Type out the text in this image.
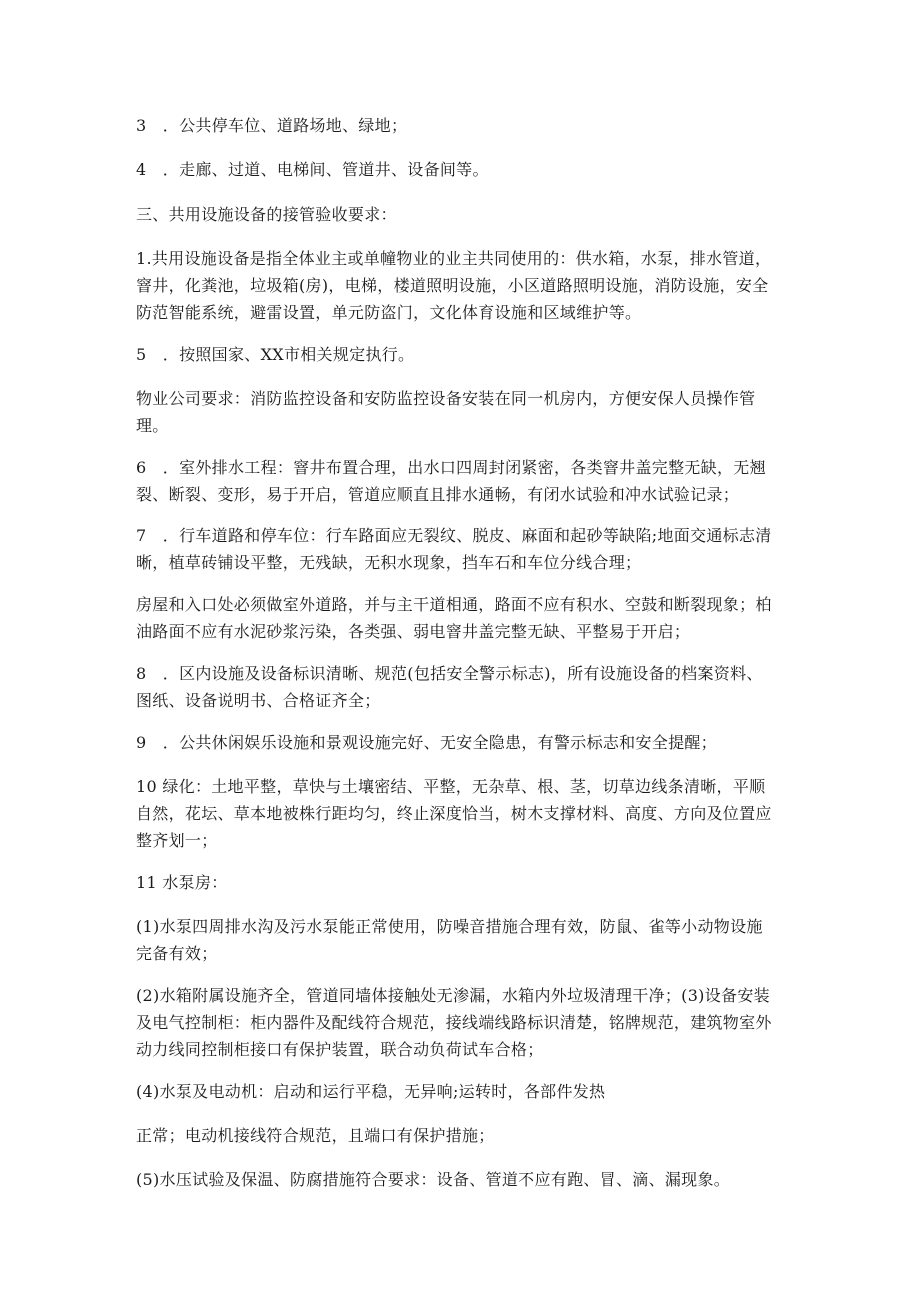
3　．公共停车位、道路场地、绿地；

4　．走廊、过道、电梯间、管道井、设备间等。

三、共用设施设备的接管验收要求：

1.共用设施设备是指全体业主或单幢物业的业主共同使用的：供水箱，水泵，排水管道，窨井，化粪池，垃圾箱(房)，电梯，楼道照明设施，小区道路照明设施，消防设施，安全防范智能系统，避雷设置，单元防盗门，文化体育设施和区域维护等。

5　．按照国家、XX市相关规定执行。

物业公司要求：消防监控设备和安防监控设备安装在同一机房内，方便安保人员操作管理。

6　．室外排水工程：窨井布置合理，出水口四周封闭紧密，各类窨井盖完整无缺，无翘裂、断裂、变形，易于开启，管道应顺直且排水通畅，有闭水试验和冲水试验记录；

7　．行车道路和停车位：行车路面应无裂纹、脱皮、麻面和起砂等缺陷;地面交通标志清晰，植草砖铺设平整，无残缺，无积水现象，挡车石和车位分线合理；

房屋和入口处必须做室外道路，并与主干道相通，路面不应有积水、空鼓和断裂现象；柏油路面不应有水泥砂浆污染，各类强、弱电窨井盖完整无缺、平整易于开启；

8　．区内设施及设备标识清晰、规范(包括安全警示标志)，所有设施设备的档案资料、图纸、设备说明书、合格证齐全；

9　．公共休闲娱乐设施和景观设施完好、无安全隐患，有警示标志和安全提醒；

10 绿化：土地平整，草快与土壤密结、平整，无杂草、根、茎，切草边线条清晰，平顺自然，花坛、草本地被株行距均匀，终止深度恰当，树木支撑材料、高度、方向及位置应整齐划一；

11 水泵房：

(1)水泵四周排水沟及污水泵能正常使用，防噪音措施合理有效，防鼠、雀等小动物设施完备有效；

(2)水箱附属设施齐全，管道同墙体接触处无渗漏，水箱内外垃圾清理干净；(3)设备安装及电气控制柜：柜内器件及配线符合规范，接线端线路标识清楚，铭牌规范，建筑物室外动力线同控制柜接口有保护装置，联合动负荷试车合格；

(4)水泵及电动机：启动和运行平稳，无异响;运转时，各部件发热

正常；电动机接线符合规范，且端口有保护措施；

(5)水压试验及保温、防腐措施符合要求：设备、管道不应有跑、冒、滴、漏现象。
